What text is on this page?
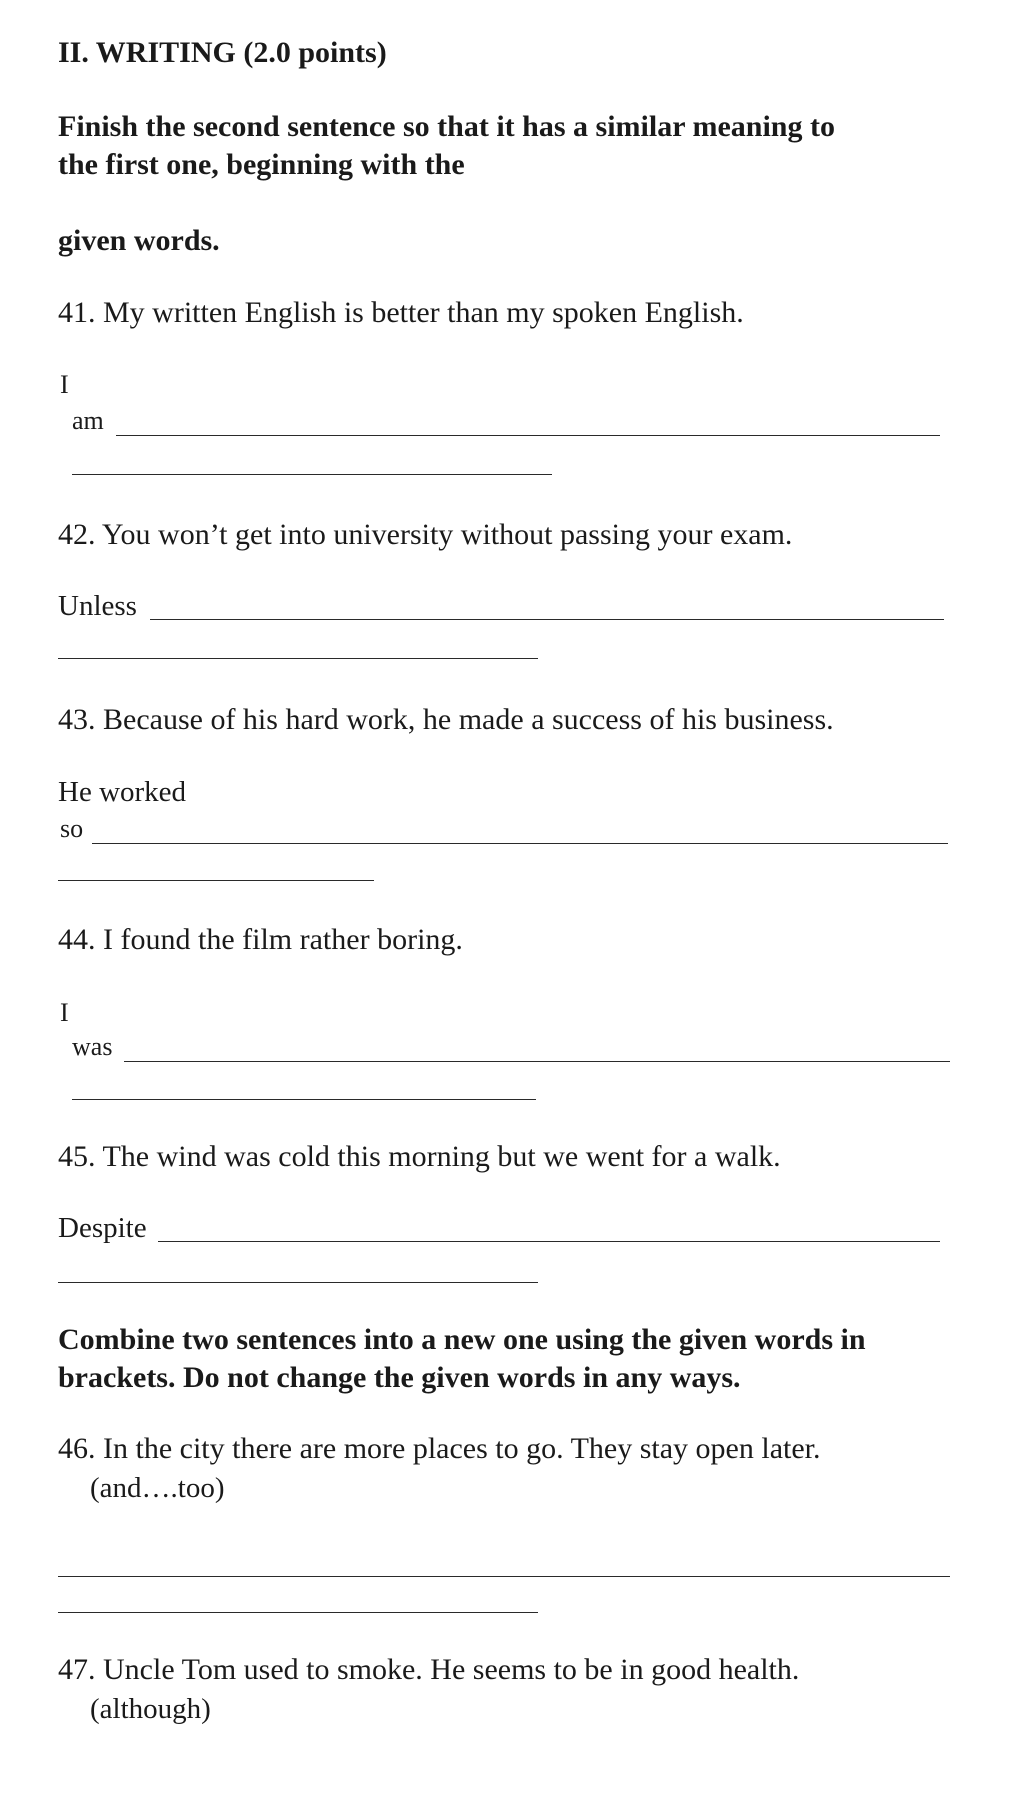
II. WRITING (2.0 points)
Finish the second sentence so that it has a similar meaning to
the first one, beginning with the
given words.
41. My written English is better than my spoken English.
I
am
42. You won’t get into university without passing your exam.
Unless
43. Because of his hard work, he made a success of his business.
He worked
so
44. I found the film rather boring.
I
was
45. The wind was cold this morning but we went for a walk.
Despite
Combine two sentences into a new one using the given words in
brackets. Do not change the given words in any ways.
46. In the city there are more places to go. They stay open later.
(and….too)
47. Uncle Tom used to smoke. He seems to be in good health.
(although)
